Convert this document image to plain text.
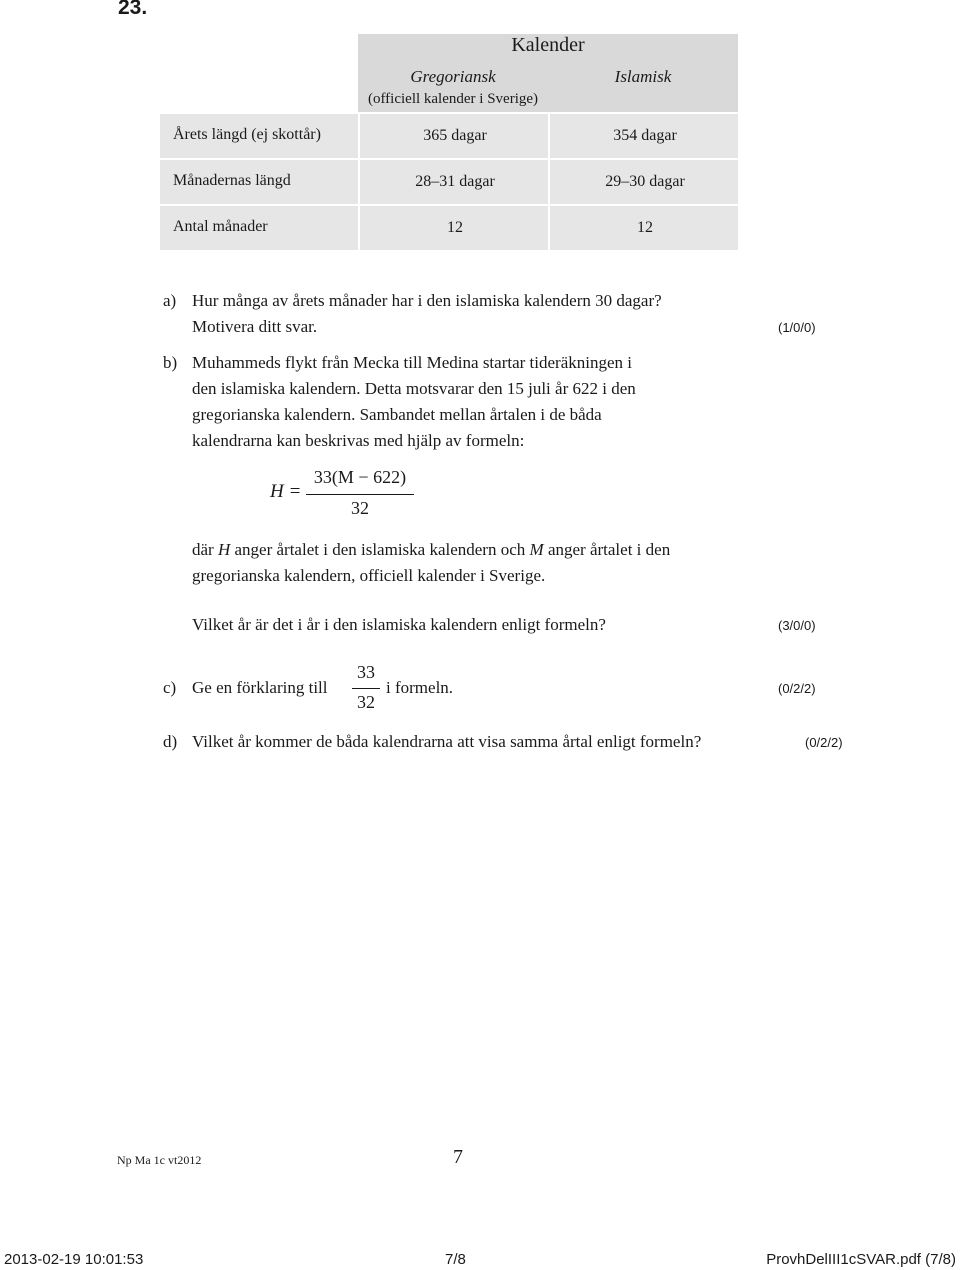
23.
Kalender
Gregoriansk
(officiell kalender i Sverige)
Islamisk
Årets längd (ej skottår)	365 dagar	354 dagar
Månadernas längd	28–31 dagar	29–30 dagar
Antal månader	12	12
a) Hur många av årets månader har i den islamiska kalendern 30 dagar?
Motivera ditt svar.	(1/0/0)
b) Muhammeds flykt från Mecka till Medina startar tideräkningen i
den islamiska kalendern. Detta motsvarar den 15 juli år 622 i den
gregorianska kalendern. Sambandet mellan årtalen i de båda
kalendrarna kan beskrivas med hjälp av formeln:
H =
33(M − 622)
32
där H anger årtalet i den islamiska kalendern och M anger årtalet i den
gregorianska kalendern, officiell kalender i Sverige.
Vilket år är det i år i den islamiska kalendern enligt formeln?	(3/0/0)
c) Ge en förklaring till
33
32
i formeln.	(0/2/2)
d) Vilket år kommer de båda kalendrarna att visa samma årtal enligt formeln?	(0/2/2)
Np Ma 1c vt2012	7
2013-02-19 10:01:53	7/8	ProvhDelIII1cSVAR.pdf (7/8)
